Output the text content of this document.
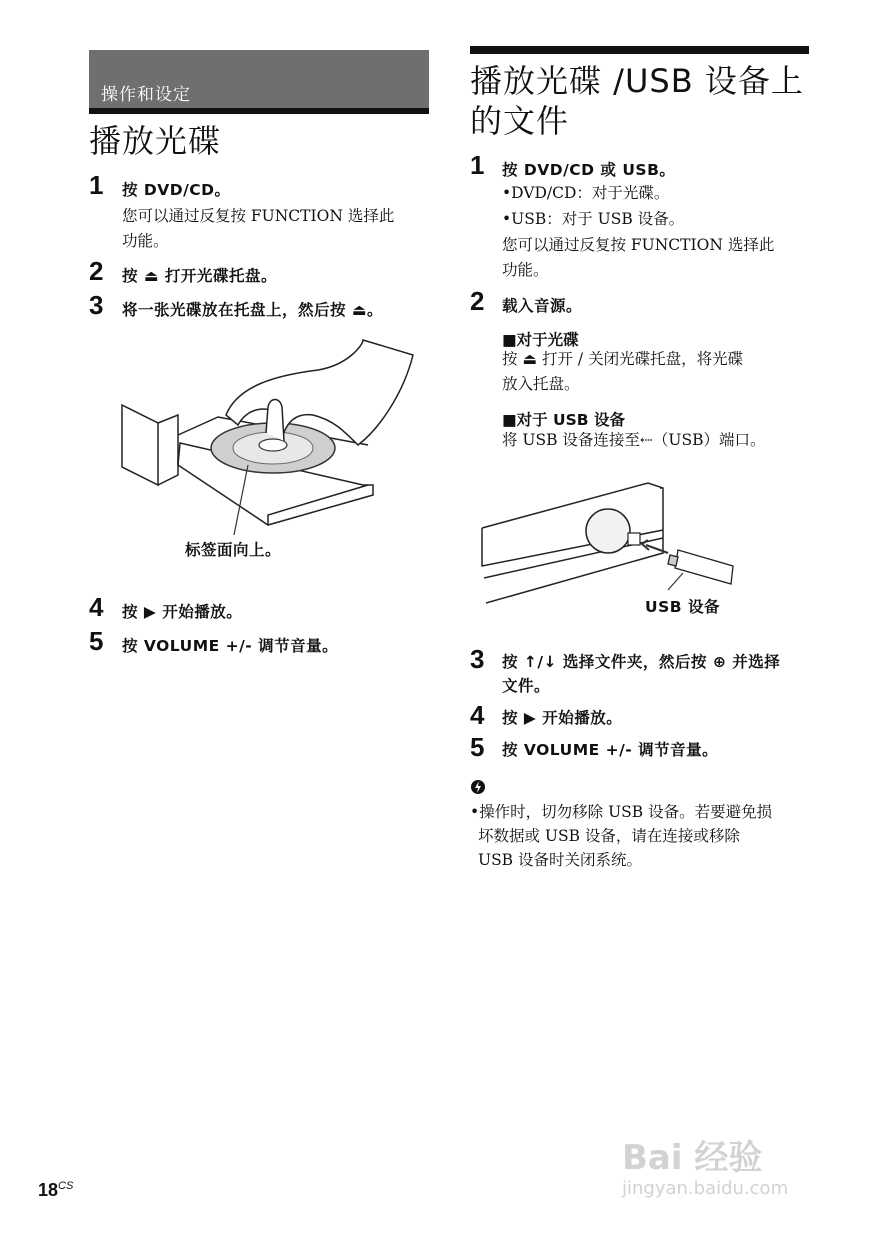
操作和设定
播放光碟
1 按 DVD/CD。
您可以通过反复按 FUNCTION 选择此
功能。
2 按 ⏏ 打开光碟托盘。
3 将一张光碟放在托盘上，然后按 ⏏。
标签面向上。
4 按 ▶ 开始播放。
5 按 VOLUME +/- 调节音量。
播放光碟 /USB 设备上
的文件
1 按 DVD/CD 或 USB。
•DVD/CD：对于光碟。
•USB：对于 USB 设备。
您可以通过反复按 FUNCTION 选择此
功能。
2 载入音源。
■对于光碟
按 ⏏ 打开 / 关闭光碟托盘，将光碟
放入托盘。
■对于 USB 设备
将 USB 设备连接至⇠（USB）端口。
USB 设备
3 按 ↑/↓ 选择文件夹，然后按 ⊕ 并选择
文件。
4 按 ▶ 开始播放。
5 按 VOLUME +/- 调节音量。
•操作时，切勿移除 USB 设备。若要避免损
坏数据或 USB 设备，请在连接或移除
USB 设备时关闭系统。
$18^{CS}$
Bai 经验
jingyan.baidu.com
